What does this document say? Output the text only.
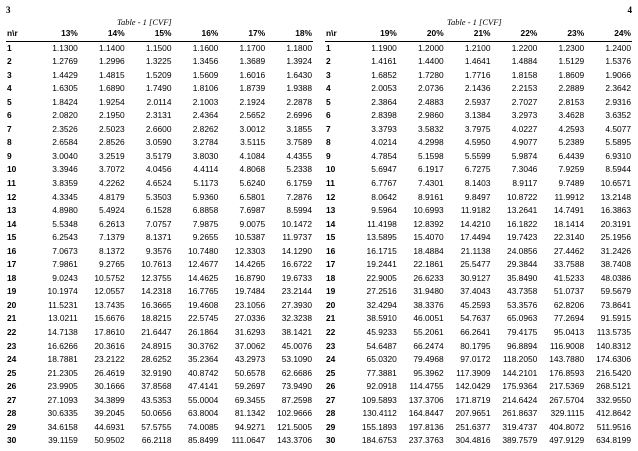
3	4
Table - 1 [CVF]	Table - 1 [CVF]
n\r	13%	14%	15%	16%	17%	18%
1	1.1300	1.1400	1.1500	1.1600	1.1700	1.1800
2	1.2769	1.2996	1.3225	1.3456	1.3689	1.3924
3	1.4429	1.4815	1.5209	1.5609	1.6016	1.6430
4	1.6305	1.6890	1.7490	1.8106	1.8739	1.9388
5	1.8424	1.9254	2.0114	2.1003	2.1924	2.2878
6	2.0820	2.1950	2.3131	2.4364	2.5652	2.6996
7	2.3526	2.5023	2.6600	2.8262	3.0012	3.1855
8	2.6584	2.8526	3.0590	3.2784	3.5115	3.7589
9	3.0040	3.2519	3.5179	3.8030	4.1084	4.4355
10	3.3946	3.7072	4.0456	4.4114	4.8068	5.2338
11	3.8359	4.2262	4.6524	5.1173	5.6240	6.1759
12	4.3345	4.8179	5.3503	5.9360	6.5801	7.2876
13	4.8980	5.4924	6.1528	6.8858	7.6987	8.5994
14	5.5348	6.2613	7.0757	7.9875	9.0075	10.1472
15	6.2543	7.1379	8.1371	9.2655	10.5387	11.9737
16	7.0673	8.1372	9.3576	10.7480	12.3303	14.1290
17	7.9861	9.2765	10.7613	12.4677	14.4265	16.6722
18	9.0243	10.5752	12.3755	14.4625	16.8790	19.6733
19	10.1974	12.0557	14.2318	16.7765	19.7484	23.2144
20	11.5231	13.7435	16.3665	19.4608	23.1056	27.3930
21	13.0211	15.6676	18.8215	22.5745	27.0336	32.3238
22	14.7138	17.8610	21.6447	26.1864	31.6293	38.1421
23	16.6266	20.3616	24.8915	30.3762	37.0062	45.0076
24	18.7881	23.2122	28.6252	35.2364	43.2973	53.1090
25	21.2305	26.4619	32.9190	40.8742	50.6578	62.6686
26	23.9905	30.1666	37.8568	47.4141	59.2697	73.9490
27	27.1093	34.3899	43.5353	55.0004	69.3455	87.2598
28	30.6335	39.2045	50.0656	63.8004	81.1342	102.9666
29	34.6158	44.6931	57.5755	74.0085	94.9271	121.5005
30	39.1159	50.9502	66.2118	85.8499	111.0647	143.3706
n\r	19%	20%	21%	22%	23%	24%
1	1.1900	1.2000	1.2100	1.2200	1.2300	1.2400
2	1.4161	1.4400	1.4641	1.4884	1.5129	1.5376
3	1.6852	1.7280	1.7716	1.8158	1.8609	1.9066
4	2.0053	2.0736	2.1436	2.2153	2.2889	2.3642
5	2.3864	2.4883	2.5937	2.7027	2.8153	2.9316
6	2.8398	2.9860	3.1384	3.2973	3.4628	3.6352
7	3.3793	3.5832	3.7975	4.0227	4.2593	4.5077
8	4.0214	4.2998	4.5950	4.9077	5.2389	5.5895
9	4.7854	5.1598	5.5599	5.9874	6.4439	6.9310
10	5.6947	6.1917	6.7275	7.3046	7.9259	8.5944
11	6.7767	7.4301	8.1403	8.9117	9.7489	10.6571
12	8.0642	8.9161	9.8497	10.8722	11.9912	13.2148
13	9.5964	10.6993	11.9182	13.2641	14.7491	16.3863
14	11.4198	12.8392	14.4210	16.1822	18.1414	20.3191
15	13.5895	15.4070	17.4494	19.7423	22.3140	25.1956
16	16.1715	18.4884	21.1138	24.0856	27.4462	31.2426
17	19.2441	22.1861	25.5477	29.3844	33.7588	38.7408
18	22.9005	26.6233	30.9127	35.8490	41.5233	48.0386
19	27.2516	31.9480	37.4043	43.7358	51.0737	59.5679
20	32.4294	38.3376	45.2593	53.3576	62.8206	73.8641
21	38.5910	46.0051	54.7637	65.0963	77.2694	91.5915
22	45.9233	55.2061	66.2641	79.4175	95.0413	113.5735
23	54.6487	66.2474	80.1795	96.8894	116.9008	140.8312
24	65.0320	79.4968	97.0172	118.2050	143.7880	174.6306
25	77.3881	95.3962	117.3909	144.2101	176.8593	216.5420
26	92.0918	114.4755	142.0429	175.9364	217.5369	268.5121
27	109.5893	137.3706	171.8719	214.6424	267.5704	332.9550
28	130.4112	164.8447	207.9651	261.8637	329.1115	412.8642
29	155.1893	197.8136	251.6377	319.4737	404.8072	511.9516
30	184.6753	237.3763	304.4816	389.7579	497.9129	634.8199
